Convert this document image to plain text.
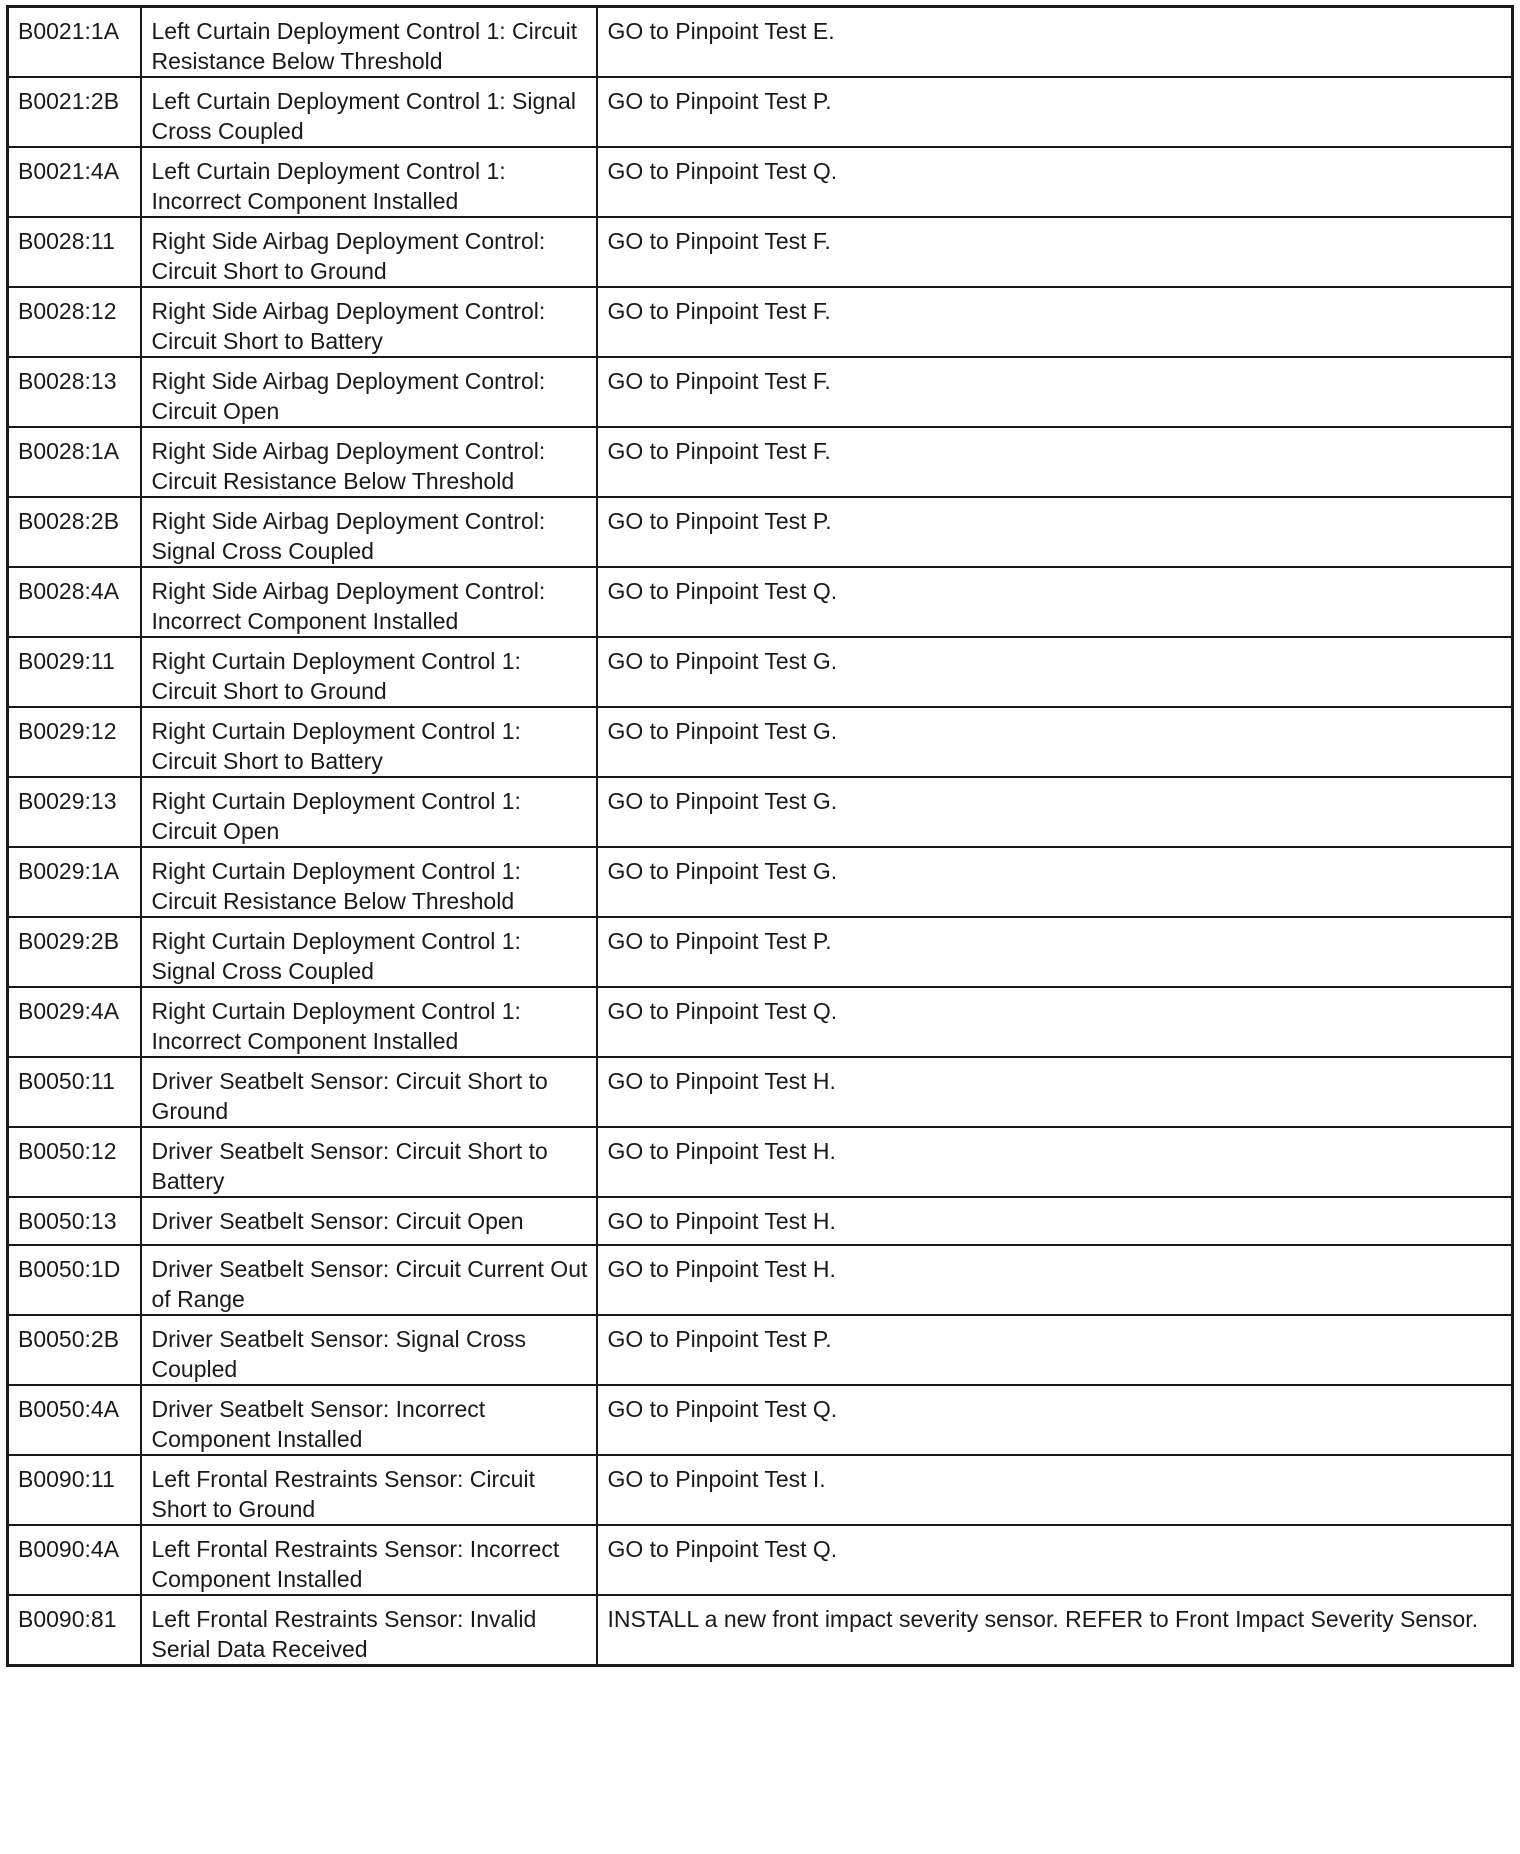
B0021:1A	Left Curtain Deployment Control 1: Circuit Resistance Below Threshold	GO to Pinpoint Test E.
B0021:2B	Left Curtain Deployment Control 1: Signal Cross Coupled	GO to Pinpoint Test P.
B0021:4A	Left Curtain Deployment Control 1: Incorrect Component Installed	GO to Pinpoint Test Q.
B0028:11	Right Side Airbag Deployment Control: Circuit Short to Ground	GO to Pinpoint Test F.
B0028:12	Right Side Airbag Deployment Control: Circuit Short to Battery	GO to Pinpoint Test F.
B0028:13	Right Side Airbag Deployment Control: Circuit Open	GO to Pinpoint Test F.
B0028:1A	Right Side Airbag Deployment Control: Circuit Resistance Below Threshold	GO to Pinpoint Test F.
B0028:2B	Right Side Airbag Deployment Control: Signal Cross Coupled	GO to Pinpoint Test P.
B0028:4A	Right Side Airbag Deployment Control: Incorrect Component Installed	GO to Pinpoint Test Q.
B0029:11	Right Curtain Deployment Control 1: Circuit Short to Ground	GO to Pinpoint Test G.
B0029:12	Right Curtain Deployment Control 1: Circuit Short to Battery	GO to Pinpoint Test G.
B0029:13	Right Curtain Deployment Control 1: Circuit Open	GO to Pinpoint Test G.
B0029:1A	Right Curtain Deployment Control 1: Circuit Resistance Below Threshold	GO to Pinpoint Test G.
B0029:2B	Right Curtain Deployment Control 1: Signal Cross Coupled	GO to Pinpoint Test P.
B0029:4A	Right Curtain Deployment Control 1: Incorrect Component Installed	GO to Pinpoint Test Q.
B0050:11	Driver Seatbelt Sensor: Circuit Short to Ground	GO to Pinpoint Test H.
B0050:12	Driver Seatbelt Sensor: Circuit Short to Battery	GO to Pinpoint Test H.
B0050:13	Driver Seatbelt Sensor: Circuit Open	GO to Pinpoint Test H.
B0050:1D	Driver Seatbelt Sensor: Circuit Current Out of Range	GO to Pinpoint Test H.
B0050:2B	Driver Seatbelt Sensor: Signal Cross Coupled	GO to Pinpoint Test P.
B0050:4A	Driver Seatbelt Sensor: Incorrect Component Installed	GO to Pinpoint Test Q.
B0090:11	Left Frontal Restraints Sensor: Circuit Short to Ground	GO to Pinpoint Test I.
B0090:4A	Left Frontal Restraints Sensor: Incorrect Component Installed	GO to Pinpoint Test Q.
B0090:81	Left Frontal Restraints Sensor: Invalid Serial Data Received	INSTALL a new front impact severity sensor. REFER to Front Impact Severity Sensor.
